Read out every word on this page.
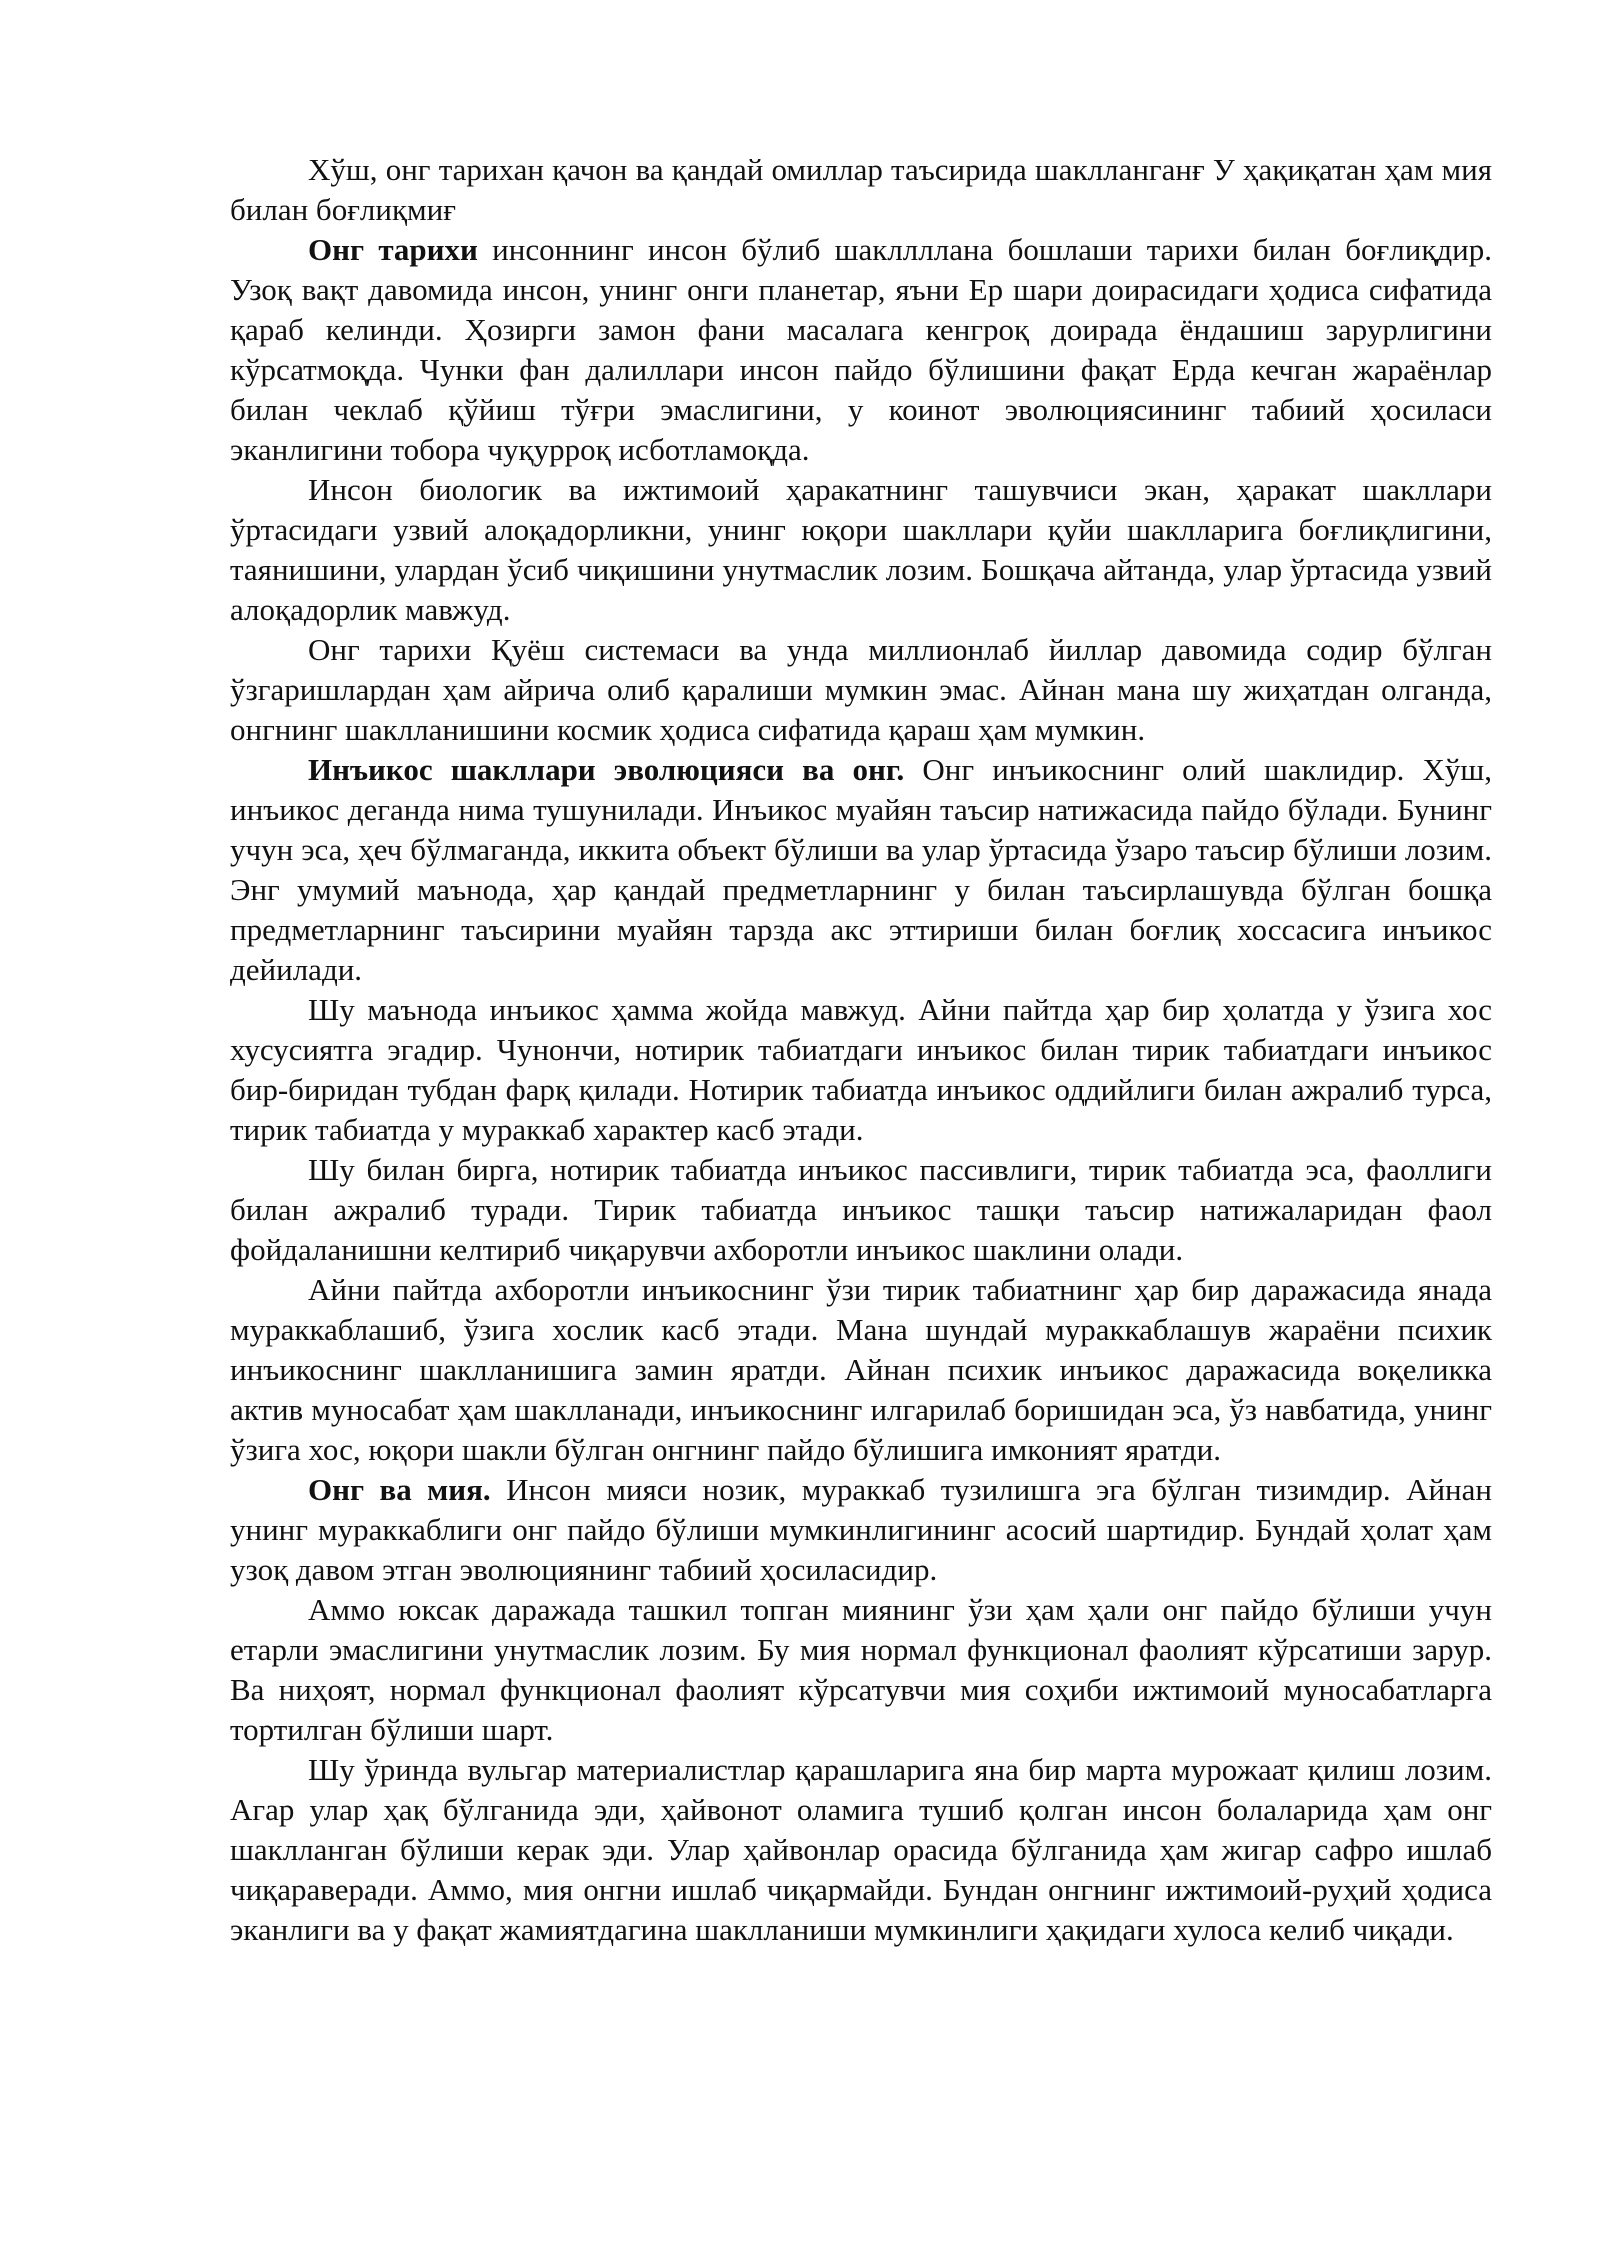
Хўш, онг тарихан қачон ва қандай омиллар таъсирида шаклланганғ У ҳақиқатан ҳам мия билан боғлиқмиғ

Онг тарихи инсоннинг инсон бўлиб шакллллана бошлаши тарихи билан боғлиқдир. Узоқ вақт давомида инсон, унинг онги планетар, яъни Ер шари доирасидаги ҳодиса сифатида қараб келинди. Ҳозирги замон фани масалага кенгроқ доирада ёндашиш зарурлигини кўрсатмоқда. Чунки фан далиллари инсон пайдо бўлишини фақат Ерда кечган жараёнлар билан чеклаб қўйиш тўғри эмаслигини, у коинот эволюциясининг табиий ҳосиласи эканлигини тобора чуқурроқ исботламоқда.

Инсон биологик ва ижтимоий ҳаракатнинг ташувчиси экан, ҳаракат шакллари ўртасидаги узвий алоқадорликни, унинг юқори шакллари қуйи шаклларига боғлиқлигини, таянишини, улардан ўсиб чиқишини унутмаслик лозим. Бошқача айтанда, улар ўртасида узвий алоқадорлик мавжуд.

Онг тарихи Қуёш системаси ва унда миллионлаб йиллар давомида содир бўлган ўзгаришлардан ҳам айрича олиб қаралиши мумкин эмас. Айнан мана шу жиҳатдан олганда, онгнинг шаклланишини космик ҳодиса сифатида қараш ҳам мумкин.

Инъикос шакллари эволюцияси ва онг. Онг инъикоснинг олий шаклидир. Хўш, инъикос деганда нима тушунилади. Инъикос муайян таъсир натижасида пайдо бўлади. Бунинг учун эса, ҳеч бўлмаганда, иккита объект бўлиши ва улар ўртасида ўзаро таъсир бўлиши лозим. Энг умумий маънода, ҳар қандай предметларнинг у билан таъсирлашувда бўлган бошқа предметларнинг таъсирини муайян тарзда акс эттириши билан боғлиқ хоссасига инъикос дейилади.

Шу маънода инъикос ҳамма жойда мавжуд. Айни пайтда ҳар бир ҳолатда у ўзига хос хусусиятга эгадир. Чунончи, нотирик табиатдаги инъикос билан тирик табиатдаги инъикос бир-биридан тубдан фарқ қилади. Нотирик табиатда инъикос оддийлиги билан ажралиб турса, тирик табиатда у мураккаб характер касб этади.

Шу билан бирга, нотирик табиатда инъикос пассивлиги, тирик табиатда эса, фаоллиги билан ажралиб туради. Тирик табиатда инъикос ташқи таъсир натижаларидан фаол фойдаланишни келтириб чиқарувчи ахборотли инъикос шаклини олади.

Айни пайтда ахборотли инъикоснинг ўзи тирик табиатнинг ҳар бир даражасида янада мураккаблашиб, ўзига хослик касб этади. Мана шундай мураккаблашув жараёни психик инъикоснинг шаклланишига замин яратди. Айнан психик инъикос даражасида воқеликка актив муносабат ҳам шаклланади, инъикоснинг илгарилаб боришидан эса, ўз навбатида, унинг ўзига хос, юқори шакли бўлган онгнинг пайдо бўлишига имконият яратди.

Онг ва мия. Инсон мияси нозик, мураккаб тузилишга эга бўлган тизимдир. Айнан унинг мураккаблиги онг пайдо бўлиши мумкинлигининг асосий шартидир. Бундай ҳолат ҳам узоқ давом этган эволюциянинг табиий ҳосиласидир.

Аммо юксак даражада ташкил топган миянинг ўзи ҳам ҳали онг пайдо бўлиши учун етарли эмаслигини унутмаслик лозим. Бу мия нормал функционал фаолият кўрсатиши зарур. Ва ниҳоят, нормал функционал фаолият кўрсатувчи мия соҳиби ижтимоий муносабатларга тортилган бўлиши шарт.

Шу ўринда вульгар материалистлар қарашларига яна бир марта мурожаат қилиш лозим. Агар улар ҳақ бўлганида эди, ҳайвонот оламига тушиб қолган инсон болаларида ҳам онг шаклланган бўлиши керак эди. Улар ҳайвонлар орасида бўлганида ҳам жигар сафро ишлаб чиқараверади. Аммо, мия онгни ишлаб чиқармайди. Бундан онгнинг ижтимоий-руҳий ҳодиса эканлиги ва у фақат жамиятдагина шаклланиши мумкинлиги ҳақидаги хулоса келиб чиқади.
